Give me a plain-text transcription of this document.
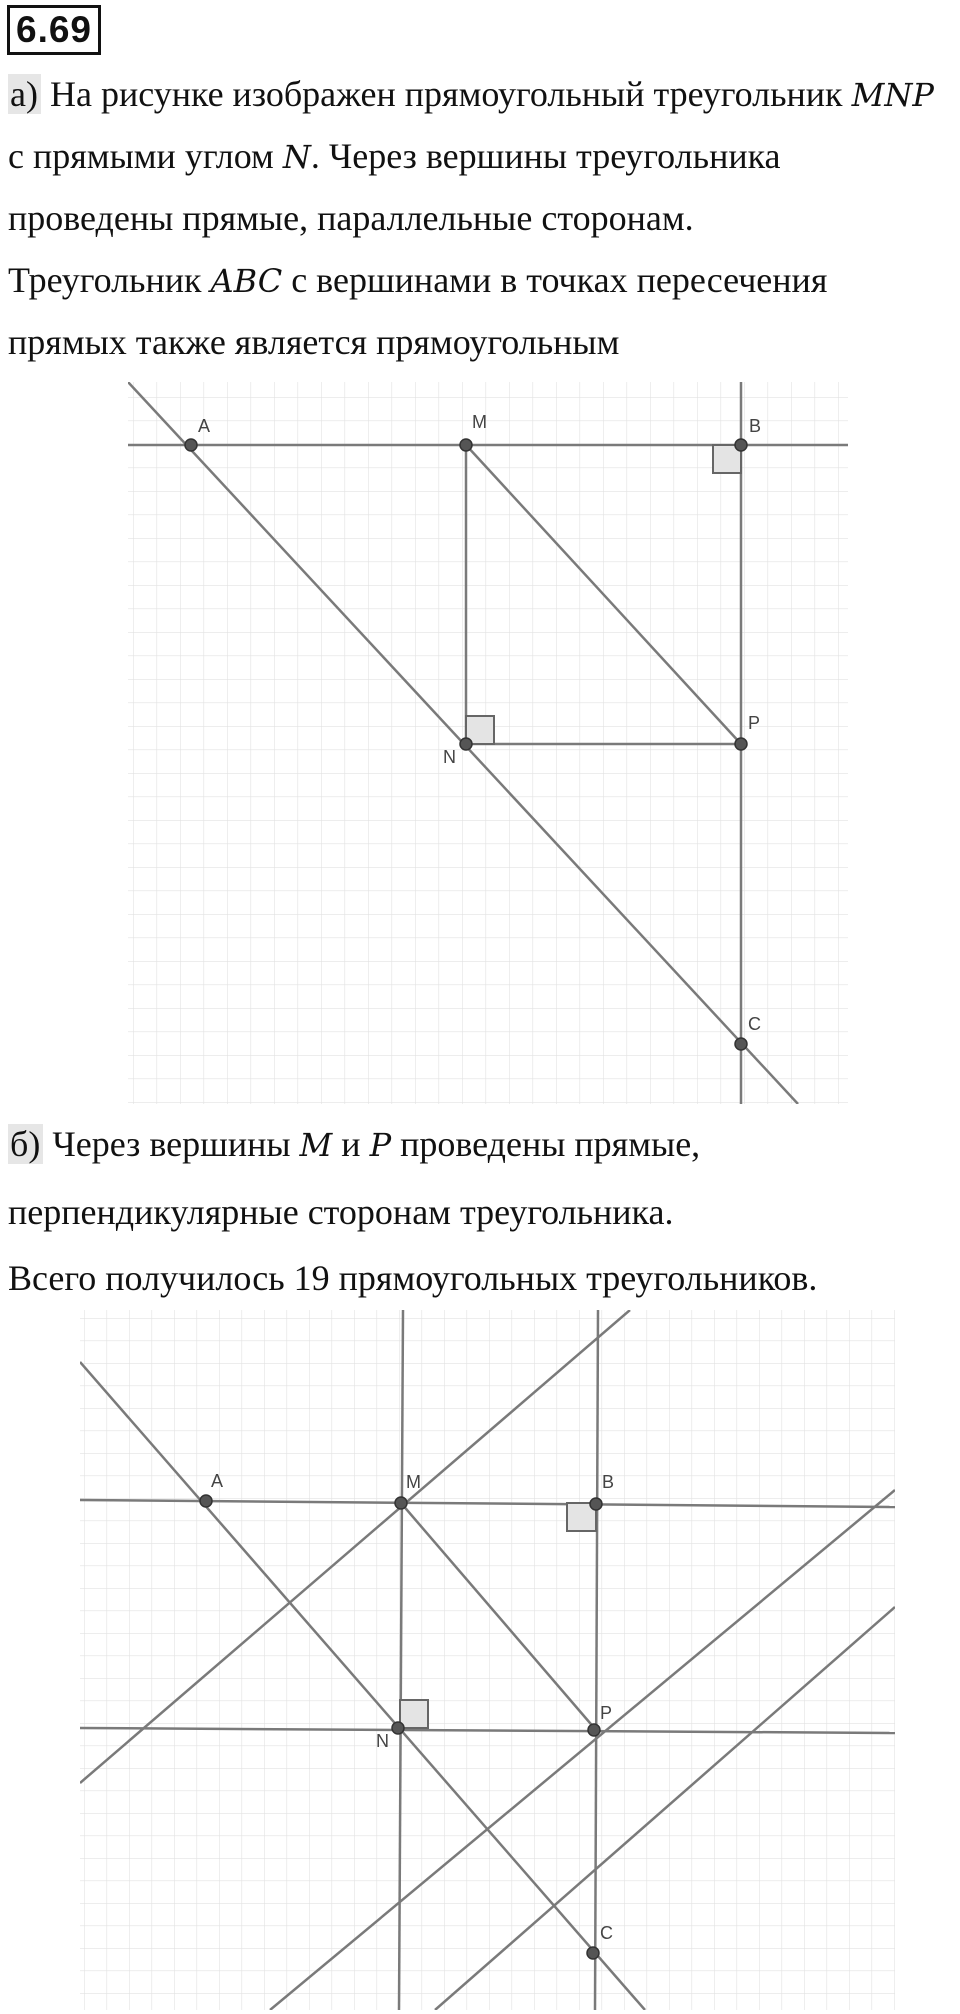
6.69
а) На рисунке изображен прямоугольный треугольник MNP
с прямыми углом N. Через вершины треугольника
проведены прямые, параллельные сторонам.
Треугольник ABC с вершинами в точках пересечения
прямых также является прямоугольным
A	M	B
N
P
C
б) Через вершины M и P проведены прямые,
перпендикулярные сторонам треугольника.
Всего получилось 19 прямоугольных треугольников.
A	M	B
N
P
C
